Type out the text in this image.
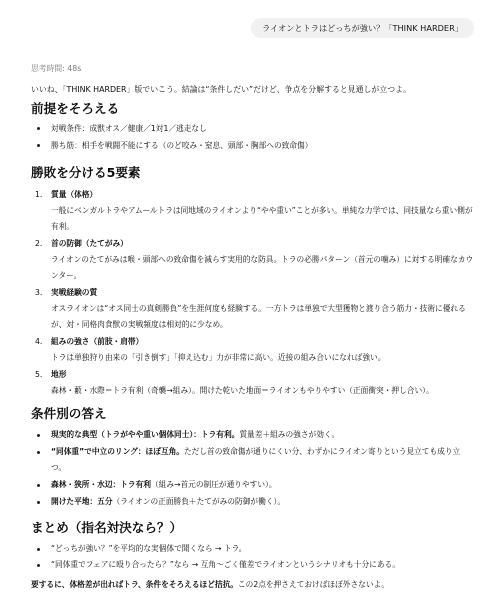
ライオンとトラはどっちが強い？「THINK HARDER」
思考時間: 48s
いいね、「THINK HARDER」版でいこう。結論は“条件しだい”だけど、争点を分解すると見通しが立つよ。
前提をそろえる
対戦条件：成獣オス／健康／1対1／逃走なし
勝ち筋：相手を戦闘不能にする（のど咬み・窒息、頭部・胸部への致命傷）
勝敗を分ける5要素
1. 質量（体格）
一般にベンガルトラやアムールトラは同地域のライオンより“やや重い”ことが多い。単純な力学では、同技量なら重い側が有利。
2. 首の防御（たてがみ）
ライオンのたてがみは喉・頭部への致命傷を減らす実用的な防具。トラの必勝パターン（首元の噛み）に対する明確なカウンター。
3. 実戦経験の質
オスライオンは“オス同士の真剣勝負”を生涯何度も経験する。一方トラは単独で大型獲物と渡り合う筋力・技術に優れるが、対・同格肉食獣の実戦頻度は相対的に少なめ。
4. 組みの強さ（前肢・肩帯）
トラは単独狩り由来の「引き倒す」「抑え込む」力が非常に高い。近接の組み合いになれば強い。
5. 地形
森林・藪・水際＝トラ有利（奇襲→組み）。開けた乾いた地面＝ライオンもやりやすい（正面衝突・押し合い）。
条件別の答え
現実的な典型（トラがやや重い個体同士）：トラ有利。質量差＋組みの強さが効く。
“同体重”で中立のリング：ほぼ互角。ただし首の致命傷が通りにくい分、わずかにライオン寄りという見立ても成り立つ。
森林・狭所・水辺：トラ有利（組み→首元の制圧が通りやすい）。
開けた平地：五分（ライオンの正面勝負＋たてがみの防御が働く）。
まとめ（指名対決なら？）
“どっちが強い？”を平均的な実個体で聞くなら → トラ。
“同体重でフェアに殴り合ったら？”なら → 互角〜ごく僅差でライオンというシナリオも十分にある。
要するに、体格差が出ればトラ、条件をそろえるほど拮抗。この2点を押さえておけばほぼ外さないよ。
